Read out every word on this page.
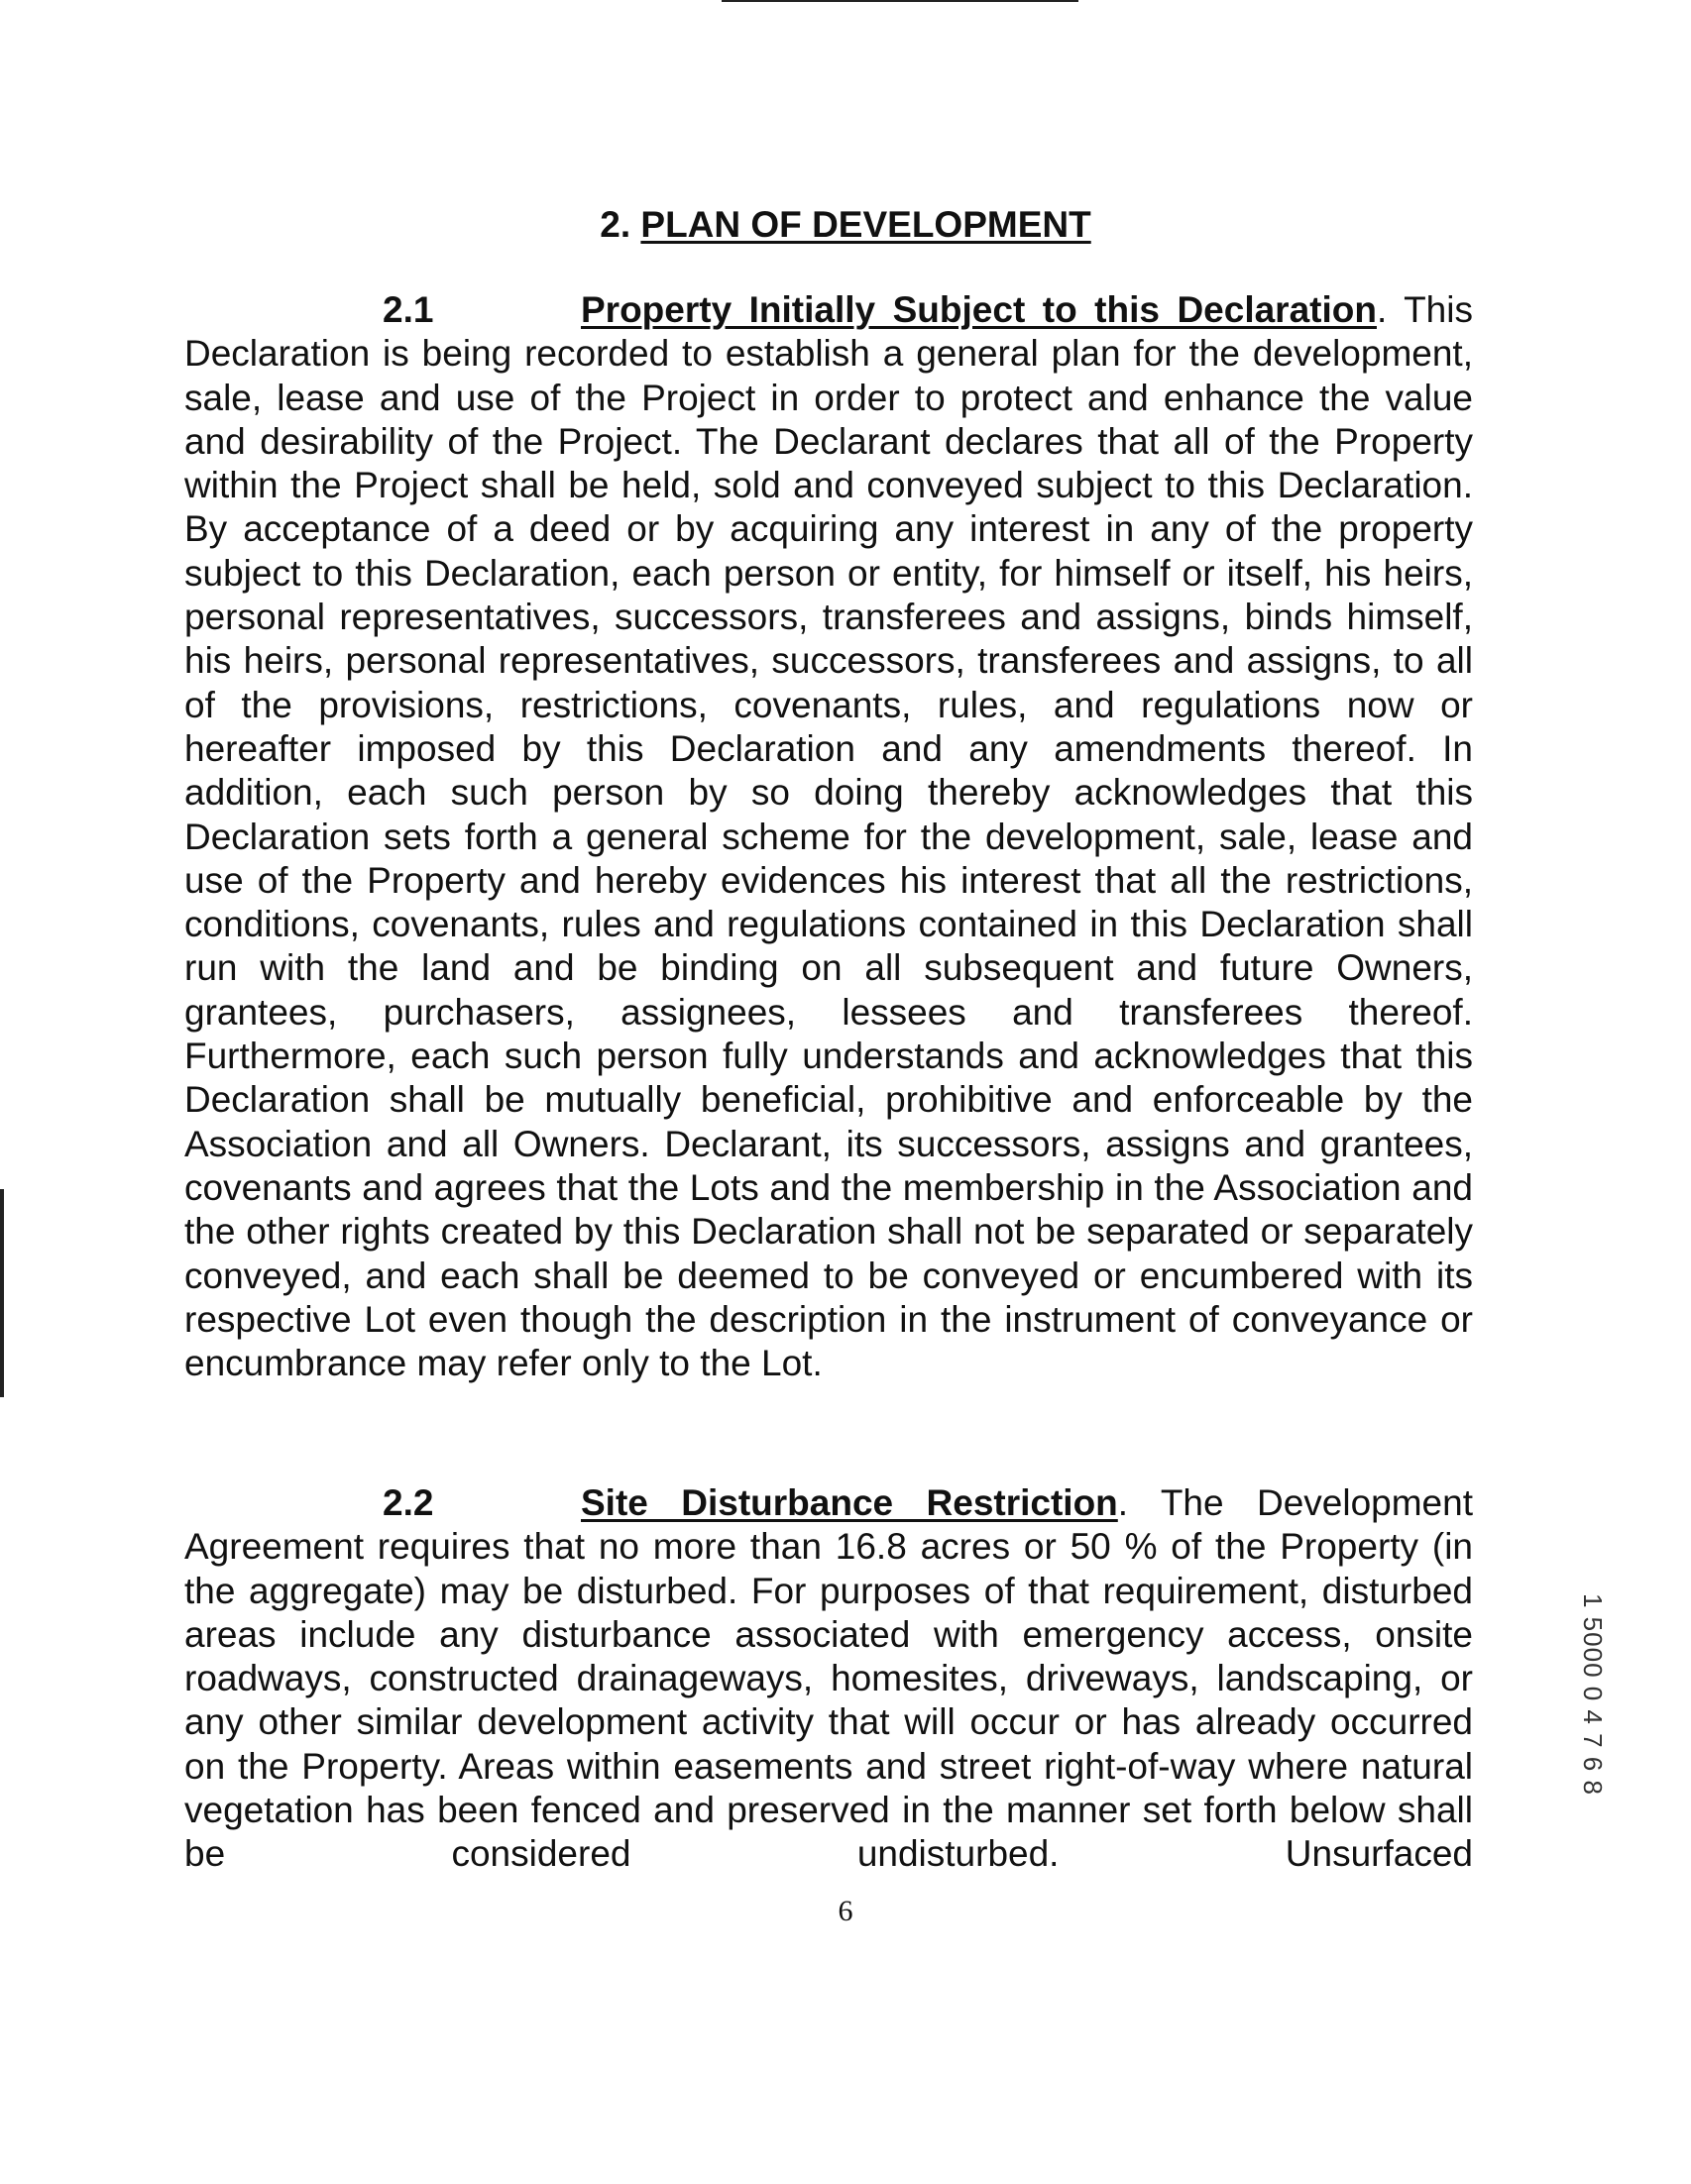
2. PLAN OF DEVELOPMENT

2.1	Property Initially Subject to this Declaration. This Declaration is being recorded to establish a general plan for the development, sale, lease and use of the Project in order to protect and enhance the value and desirability of the Project. The Declarant declares that all of the Property within the Project shall be held, sold and conveyed subject to this Declaration. By acceptance of a deed or by acquiring any interest in any of the property subject to this Declaration, each person or entity, for himself or itself, his heirs, personal representatives, successors, transferees and assigns, binds himself, his heirs, personal representatives, successors, transferees and assigns, to all of the provisions, restrictions, covenants, rules, and regulations now or hereafter imposed by this Declaration and any amendments thereof. In addition, each such person by so doing thereby acknowledges that this Declaration sets forth a general scheme for the development, sale, lease and use of the Property and hereby evidences his interest that all the restrictions, conditions, covenants, rules and regulations contained in this Declaration shall run with the land and be binding on all subsequent and future Owners, grantees, purchasers, assignees, lessees and transferees thereof. Furthermore, each such person fully understands and acknowledges that this Declaration shall be mutually beneficial, prohibitive and enforceable by the Association and all Owners. Declarant, its successors, assigns and grantees, covenants and agrees that the Lots and the membership in the Association and the other rights created by this Declaration shall not be separated or separately conveyed, and each shall be deemed to be conveyed or encumbered with its respective Lot even though the description in the instrument of conveyance or encumbrance may refer only to the Lot.

2.2	Site Disturbance Restriction. The Development Agreement requires that no more than 16.8 acres or 50 % of the Property (in the aggregate) may be disturbed. For purposes of that requirement, disturbed areas include any disturbance associated with emergency access, onsite roadways, constructed drainageways, homesites, driveways, landscaping, or any other similar development activity that will occur or has already occurred on the Property. Areas within easements and street right-of-way where natural vegetation has been fenced and preserved in the manner set forth below shall be considered undisturbed. Unsurfaced

6
1 5000 0 4 7 6 8
